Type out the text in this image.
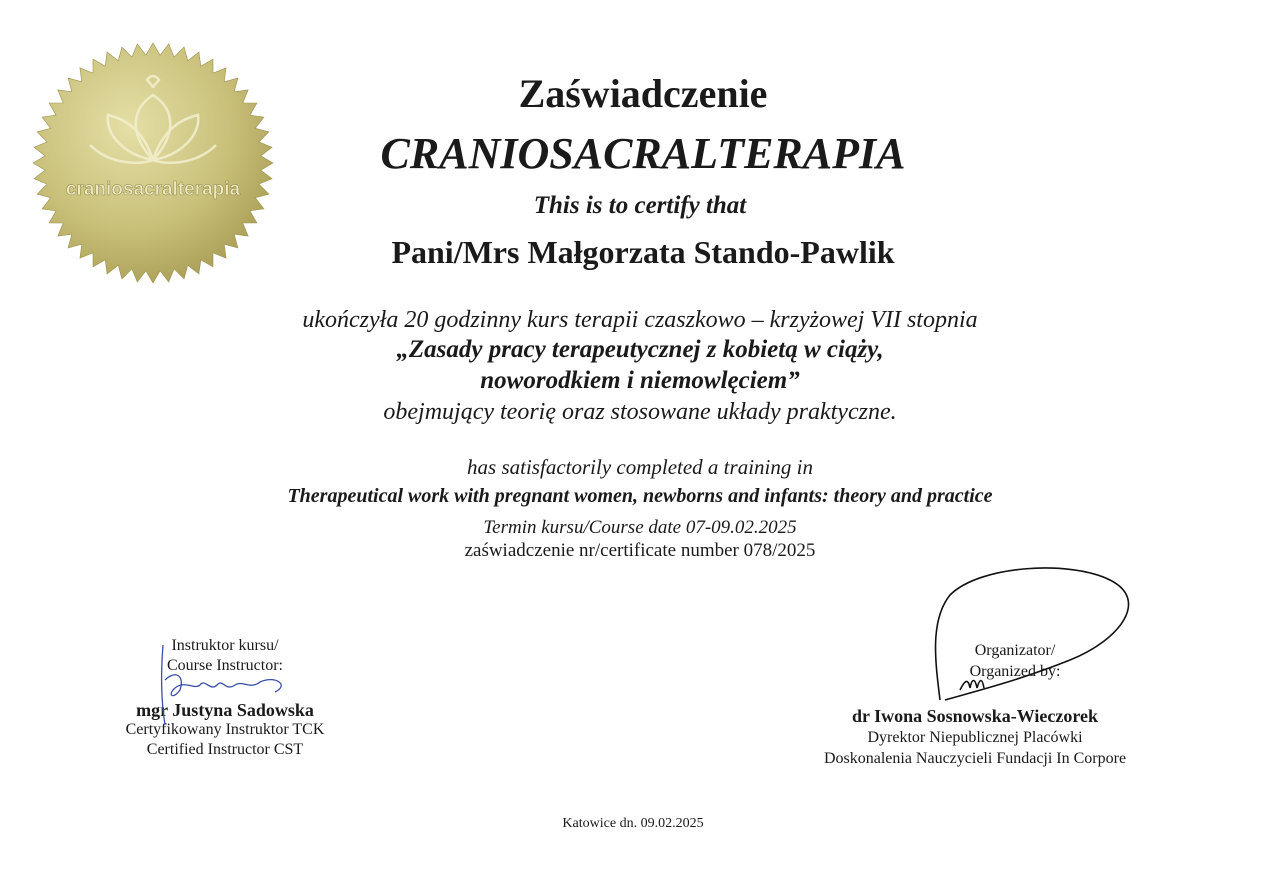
craniosacralterapia
Zaświadczenie
CRANIOSACRALTERAPIA
This is to certify that
Pani/Mrs Małgorzata Stando-Pawlik
ukończyła 20 godzinny kurs terapii czaszkowo – krzyżowej VII stopnia
„Zasady pracy terapeutycznej z kobietą w ciąży,
noworodkiem i niemowlęciem”
obejmujący teorię oraz stosowane układy praktyczne.
has satisfactorily completed a training in
Therapeutical work with pregnant women, newborns and infants: theory and practice
Termin kursu/Course date 07-09.02.2025
zaświadczenie nr/certificate number 078/2025
Instruktor kursu/
Course Instructor:
mgr Justyna Sadowska
Certyfikowany Instruktor TCK
Certified Instructor CST
Organizator/
Organized by:
dr Iwona Sosnowska-Wieczorek
Dyrektor Niepublicznej Placówki
Doskonalenia Nauczycieli Fundacji In Corpore
Katowice dn. 09.02.2025
